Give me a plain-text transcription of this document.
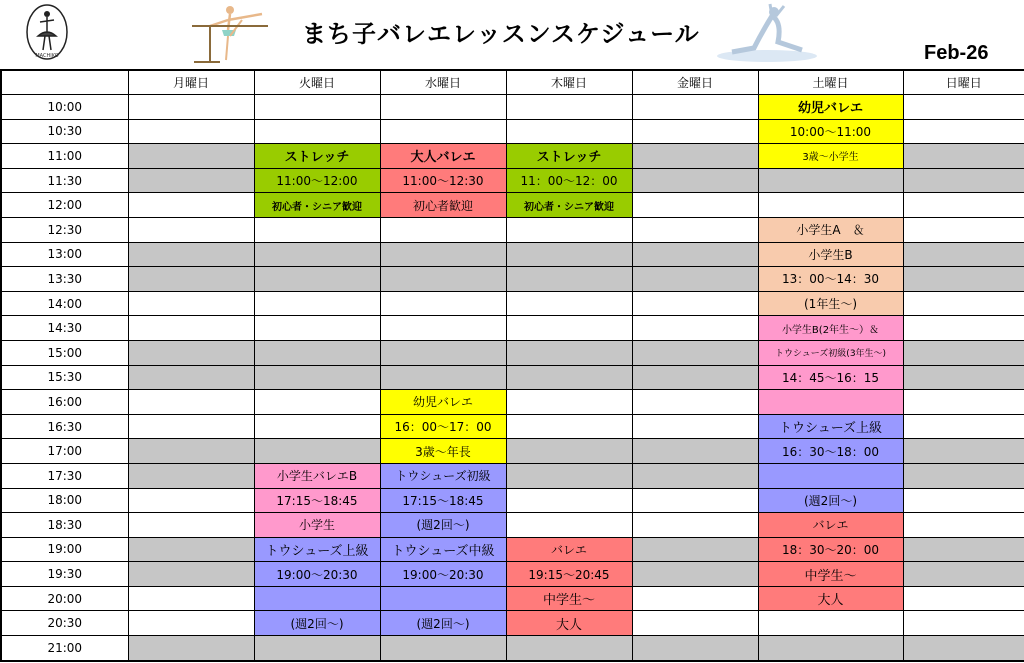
MACHIKO
まち子バレエレッスンスケジュール
Feb-26
	月曜日	火曜日	水曜日	木曜日	金曜日	土曜日	日曜日
10:00						幼児バレエ	
10:30						10:00～11:00	
11:00		ストレッチ	大人バレエ	ストレッチ		3歳～小学生	
11:30		11:00～12:00	11:00～12:30	11：00～12：00			
12:00		初心者・シニア歓迎	初心者歓迎	初心者・シニア歓迎			
12:30						小学生A　＆	
13:00						小学生B	
13:30						13：00～14：30	
14:00						(1年生～)	
14:30						小学生B(2年生～）＆	
15:00						トウシューズ初級(3年生～)	
15:30						14：45～16：15	
16:00			幼児バレエ				
16:30			16：00～17：00			トウシューズ上級	
17:00			3歳～年長			16：30～18：00	
17:30		小学生バレエB	トウシューズ初級				
18:00		17:15～18:45	17:15～18:45			(週2回～)	
18:30		小学生	(週2回～)			バレエ	
19:00		トウシューズ上級	トウシューズ中級	バレエ		18：30～20：00	
19:30		19:00～20:30	19:00～20:30	19:15～20:45		中学生～	
20:00				中学生～		大人	
20:30		(週2回～)	(週2回～)	大人			
21:00							
